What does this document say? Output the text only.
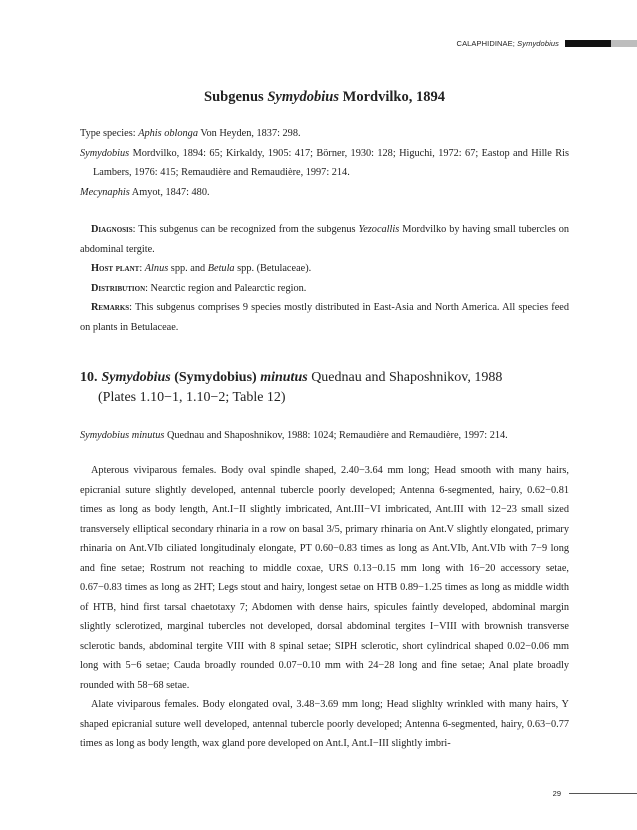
CALAPHIDINAE; Symydobius
Subgenus Symydobius Mordvilko, 1894

Type species: Aphis oblonga Von Heyden, 1837: 298.

Symydobius Mordvilko, 1894: 65; Kirkaldy, 1905: 417; Börner, 1930: 128; Higuchi, 1972: 67; Eastop and Hille Ris Lambers, 1976: 415; Remaudière and Remaudière, 1997: 214.

Mecynaphis Amyot, 1847: 480.

Diagnosis: This subgenus can be recognized from the subgenus Yezocallis Mordvilko by having small tubercles on abdominal tergite.

Host plant: Alnus spp. and Betula spp. (Betulaceae).

Distribution: Nearctic region and Palearctic region.

Remarks: This subgenus comprises 9 species mostly distributed in East-Asia and North America. All species feed on plants in Betulaceae.

10. Symydobius (Symydobius) minutus Quednau and Shaposhnikov, 1988
(Plates 1.10−1, 1.10−2; Table 12)

Symydobius minutus Quednau and Shaposhnikov, 1988: 1024; Remaudière and Remaudière, 1997: 214.

Apterous viviparous females. Body oval spindle shaped, 2.40−3.64 mm long; Head smooth with many hairs, epicranial suture slightly developed, antennal tubercle poorly developed; Antenna 6-segmented, hairy, 0.62−0.81 times as long as body length, Ant.I−II slightly imbricated, Ant.III−VI imbricated, Ant.III with 12−23 small sized transversely elliptical secondary rhinaria in a row on basal 3/5, primary rhinaria on Ant.V slightly elongated, primary rhinaria on Ant.VIb ciliated longitudinaly elongate, PT 0.60−0.83 times as long as Ant.VIb, Ant.VIb with 7−9 long and fine setae; Rostrum not reaching to middle coxae, URS 0.13−0.15 mm long with 16−20 accessory setae, 0.67−0.83 times as long as 2HT; Legs stout and hairy, longest setae on HTB 0.89−1.25 times as long as middle width of HTB, hind first tarsal chaetotaxy 7; Abdomen with dense hairs, spicules faintly developed, abdominal margin slightly sclerotized, marginal tubercles not developed, dorsal abdominal tergites I−VIII with brownish transverse sclerotic bands, abdominal tergite VIII with 8 spinal setae; SIPH sclerotic, short cylindrical shaped 0.02−0.06 mm long with 5−6 setae; Cauda broadly rounded 0.07−0.10 mm with 24−28 long and fine setae; Anal plate broadly rounded with 58−68 setae.

Alate viviparous females. Body elongated oval, 3.48−3.69 mm long; Head slighlty wrinkled with many hairs, Y shaped epicranial suture well developed, antennal tubercle poorly developed; Antenna 6-segmented, hairy, 0.63−0.77 times as long as body length, wax gland pore developed on Ant.I, Ant.I−III slightly imbri-

29
